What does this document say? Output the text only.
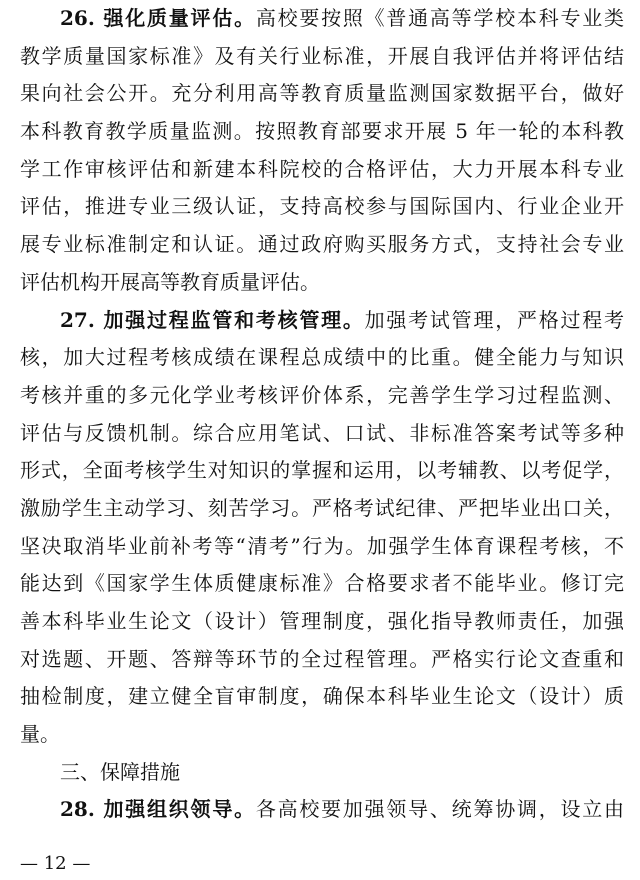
26. 强化质量评估。高校要按照《普通高等学校本科专业类
教学质量国家标准》及有关行业标准，开展自我评估并将评估结
果向社会公开。充分利用高等教育质量监测国家数据平台，做好
本科教育教学质量监测。按照教育部要求开展 5 年一轮的本科教
学工作审核评估和新建本科院校的合格评估，大力开展本科专业
评估，推进专业三级认证，支持高校参与国际国内、行业企业开
展专业标准制定和认证。通过政府购买服务方式，支持社会专业
评估机构开展高等教育质量评估。
27. 加强过程监管和考核管理。加强考试管理，严格过程考
核，加大过程考核成绩在课程总成绩中的比重。健全能力与知识
考核并重的多元化学业考核评价体系，完善学生学习过程监测、
评估与反馈机制。综合应用笔试、口试、非标准答案考试等多种
形式，全面考核学生对知识的掌握和运用，以考辅教、以考促学，
激励学生主动学习、刻苦学习。严格考试纪律、严把毕业出口关，
坚决取消毕业前补考等“清考”行为。加强学生体育课程考核，不
能达到《国家学生体质健康标准》合格要求者不能毕业。修订完
善本科毕业生论文（设计）管理制度，强化指导教师责任，加强
对选题、开题、答辩等环节的全过程管理。严格实行论文查重和
抽检制度，建立健全盲审制度，确保本科毕业生论文（设计）质
量。
三、保障措施
28. 加强组织领导。各高校要加强领导、统筹协调，设立由
— 12 —
